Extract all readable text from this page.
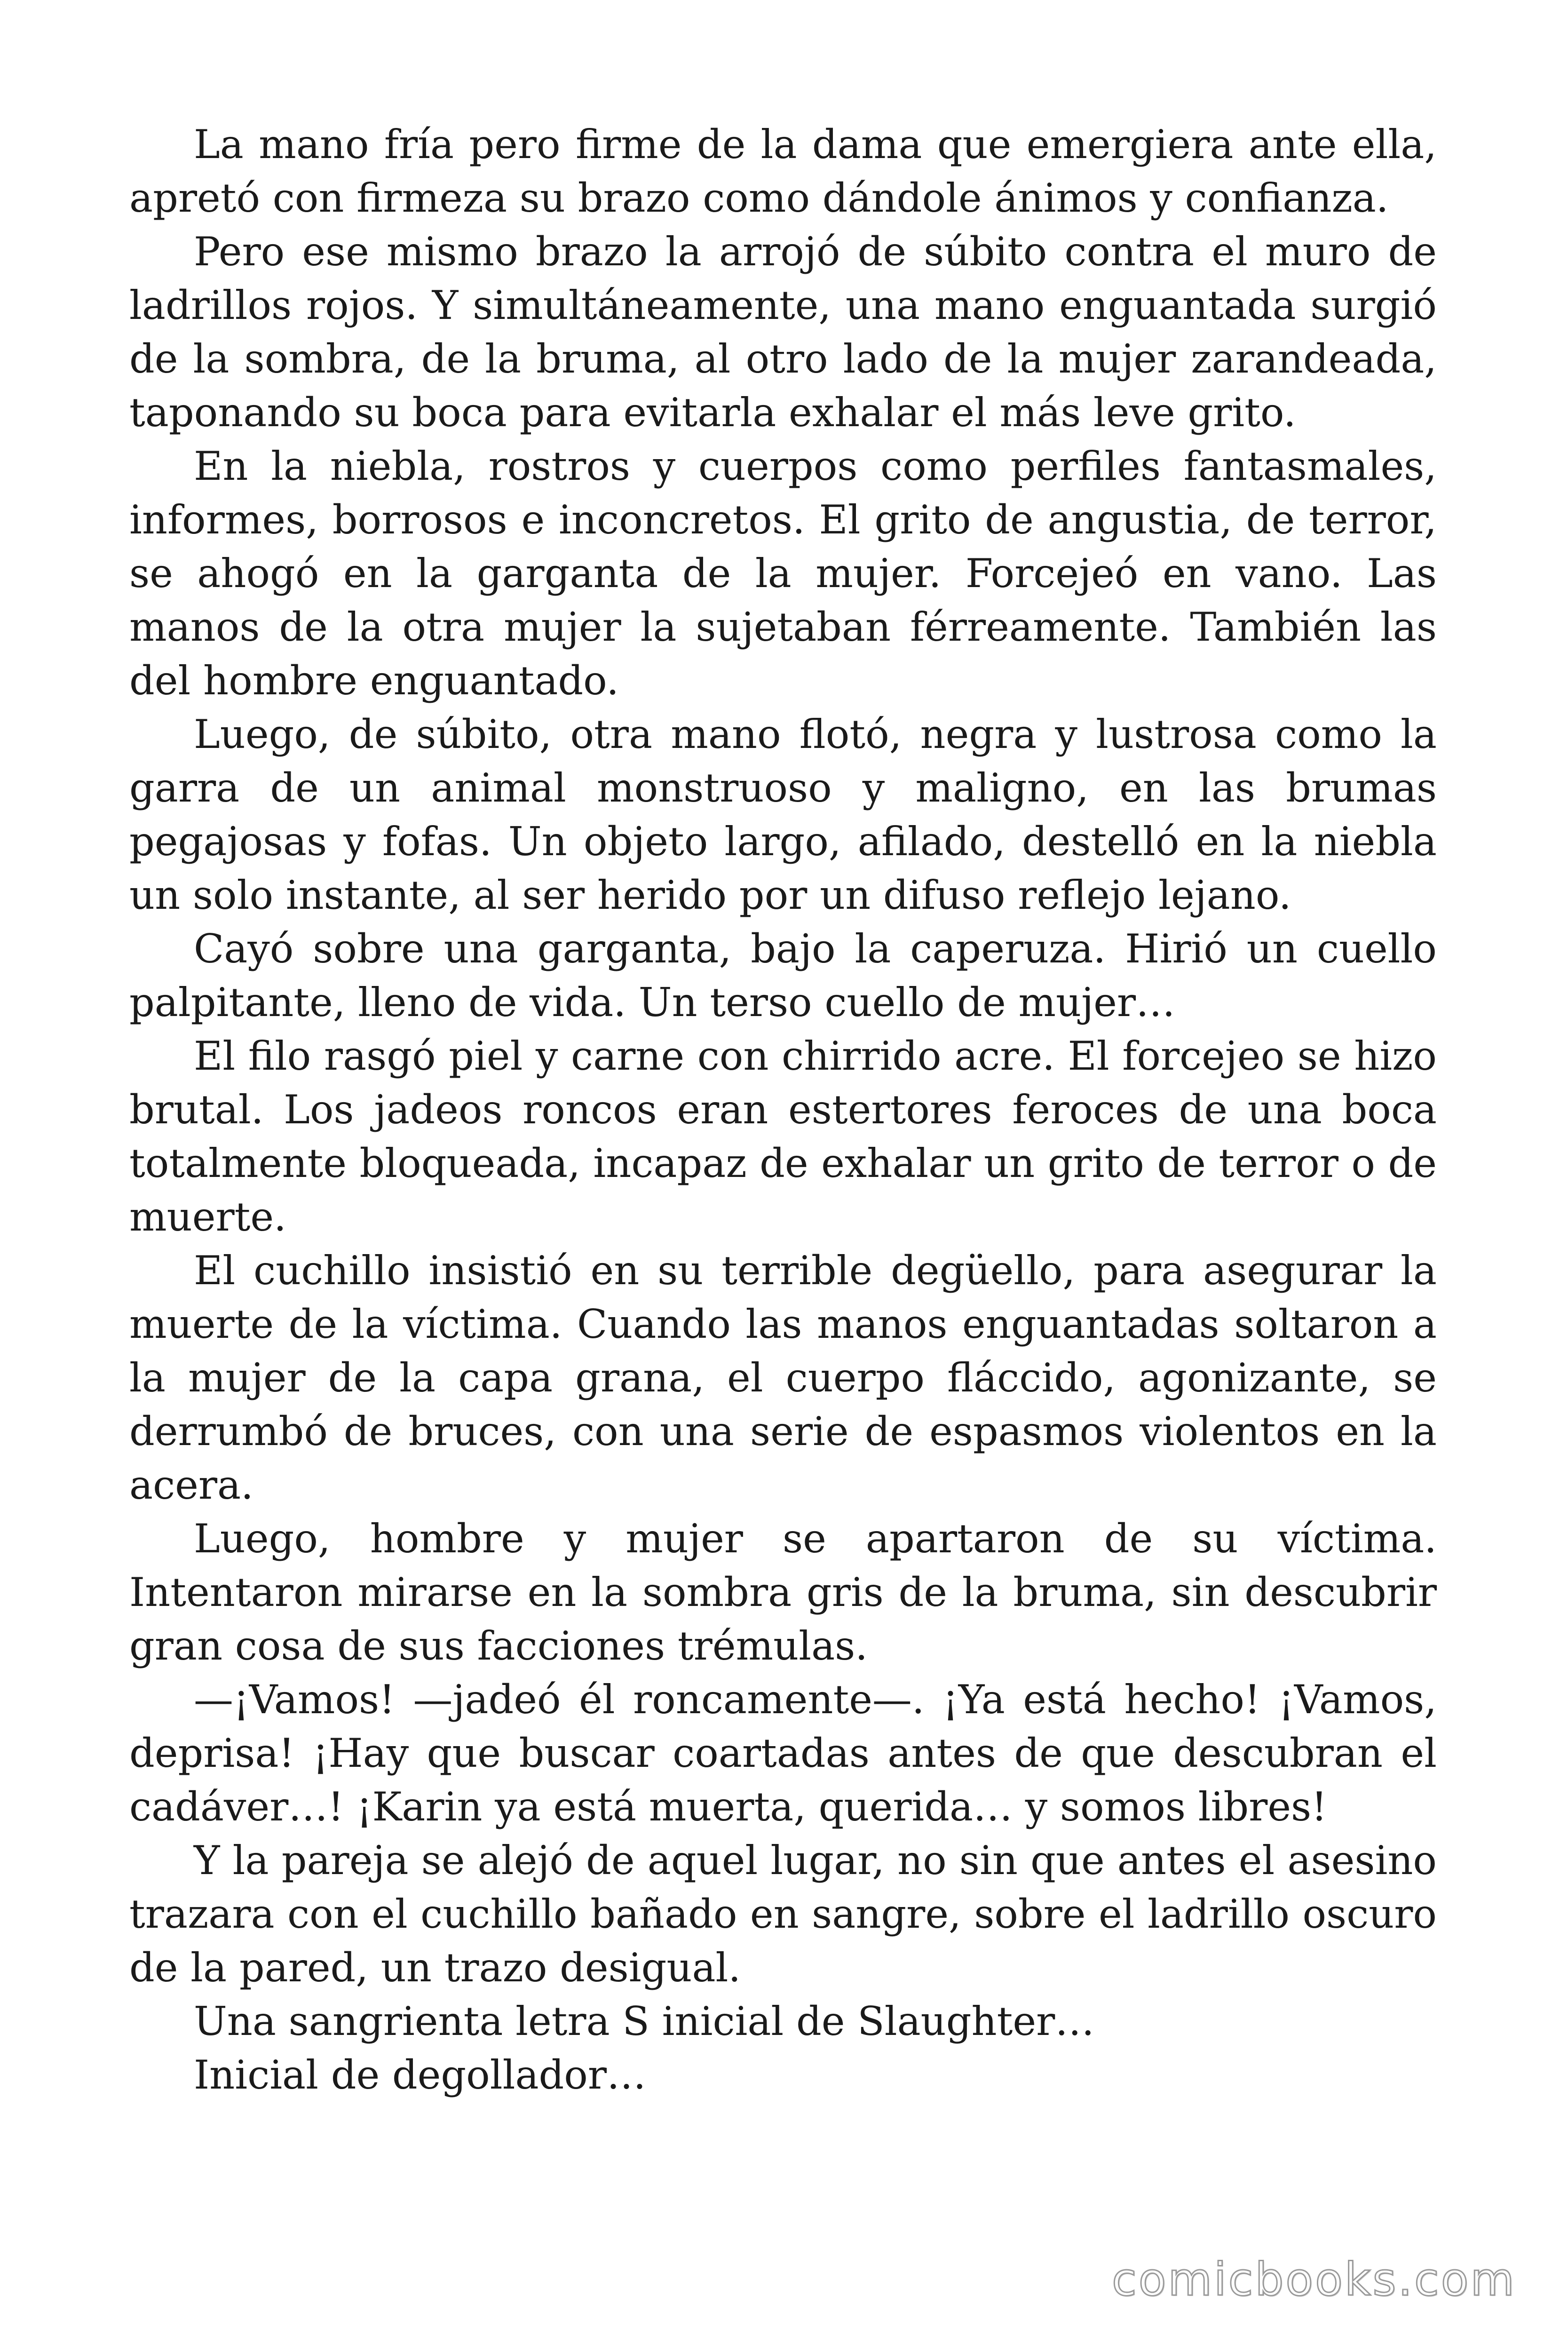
La mano fría pero firme de la dama que emergiera ante ella, apretó con firmeza su brazo como dándole ánimos y confianza.

Pero ese mismo brazo la arrojó de súbito contra el muro de ladrillos rojos. Y simultáneamente, una mano enguantada surgió de la sombra, de la bruma, al otro lado de la mujer zarandeada, taponando su boca para evitarla exhalar el más leve grito.

En la niebla, rostros y cuerpos como perfiles fantasmales, informes, borrosos e inconcretos. El grito de angustia, de terror, se ahogó en la garganta de la mujer. Forcejeó en vano. Las manos de la otra mujer la sujetaban férreamente. También las del hombre enguantado.

Luego, de súbito, otra mano flotó, negra y lustrosa como la garra de un animal monstruoso y maligno, en las brumas pegajosas y fofas. Un objeto largo, afilado, destelló en la niebla un solo instante, al ser herido por un difuso reflejo lejano.

Cayó sobre una garganta, bajo la caperuza. Hirió un cuello palpitante, lleno de vida. Un terso cuello de mujer…

El filo rasgó piel y carne con chirrido acre. El forcejeo se hizo brutal. Los jadeos roncos eran estertores feroces de una boca totalmente bloqueada, incapaz de exhalar un grito de terror o de muerte.

El cuchillo insistió en su terrible degüello, para asegurar la muerte de la víctima. Cuando las manos enguantadas soltaron a la mujer de la capa grana, el cuerpo fláccido, agonizante, se derrumbó de bruces, con una serie de espasmos violentos en la acera.

Luego, hombre y mujer se apartaron de su víctima. Intentaron mirarse en la sombra gris de la bruma, sin descubrir gran cosa de sus facciones trémulas.

—¡Vamos! —jadeó él roncamente—. ¡Ya está hecho! ¡Vamos, deprisa! ¡Hay que buscar coartadas antes de que descubran el cadáver…! ¡Karin ya está muerta, querida… y somos libres!

Y la pareja se alejó de aquel lugar, no sin que antes el asesino trazara con el cuchillo bañado en sangre, sobre el ladrillo oscuro de la pared, un trazo desigual.

Una sangrienta letra S inicial de Slaughter…

Inicial de degollador…

comicbooks.com
